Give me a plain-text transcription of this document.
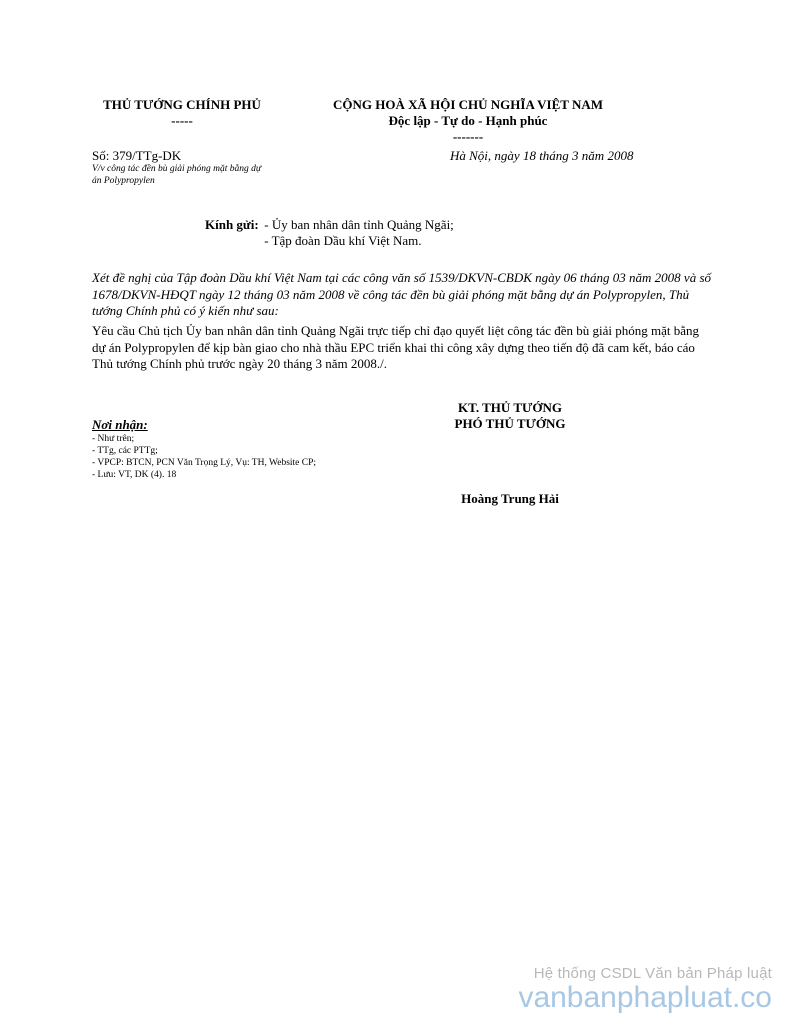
THỦ TƯỚNG CHÍNH PHỦ
-----
CỘNG HOÀ XÃ HỘI CHỦ NGHĨA VIỆT NAM
Độc lập - Tự do - Hạnh phúc
-------
Số: 379/TTg-DK
V/v công tác đền bù giải phóng mặt bằng dự
án Polypropylen
Hà Nội, ngày 18 tháng 3 năm 2008
Kính gửi: - Ủy ban nhân dân tỉnh Quảng Ngãi;
- Tập đoàn Dầu khí Việt Nam.
Xét đề nghị của Tập đoàn Dầu khí Việt Nam tại các công văn số 1539/DKVN-CBDK ngày 06 tháng 03 năm 2008 và số 1678/DKVN-HĐQT ngày 12 tháng 03 năm 2008 về công tác đền bù giải phóng mặt bằng dự án Polypropylen, Thủ tướng Chính phủ có ý kiến như sau:
Yêu cầu Chủ tịch Ủy ban nhân dân tỉnh Quảng Ngãi trực tiếp chỉ đạo quyết liệt công tác đền bù giải phóng mặt bằng dự án Polypropylen để kịp bàn giao cho nhà thầu EPC triển khai thi công xây dựng theo tiến độ đã cam kết, báo cáo Thủ tướng Chính phủ trước ngày 20 tháng 3 năm 2008./.
KT. THỦ TƯỚNG
PHÓ THỦ TƯỚNG
Hoàng Trung Hải
Nơi nhận:
- Như trên;
- TTg, các PTTg;
- VPCP: BTCN, PCN Văn Trọng Lý, Vụ: TH, Website CP;
- Lưu: VT, DK (4). 18
Hệ thống CSDL Văn bản Pháp luật
vanbanphapluat.co
